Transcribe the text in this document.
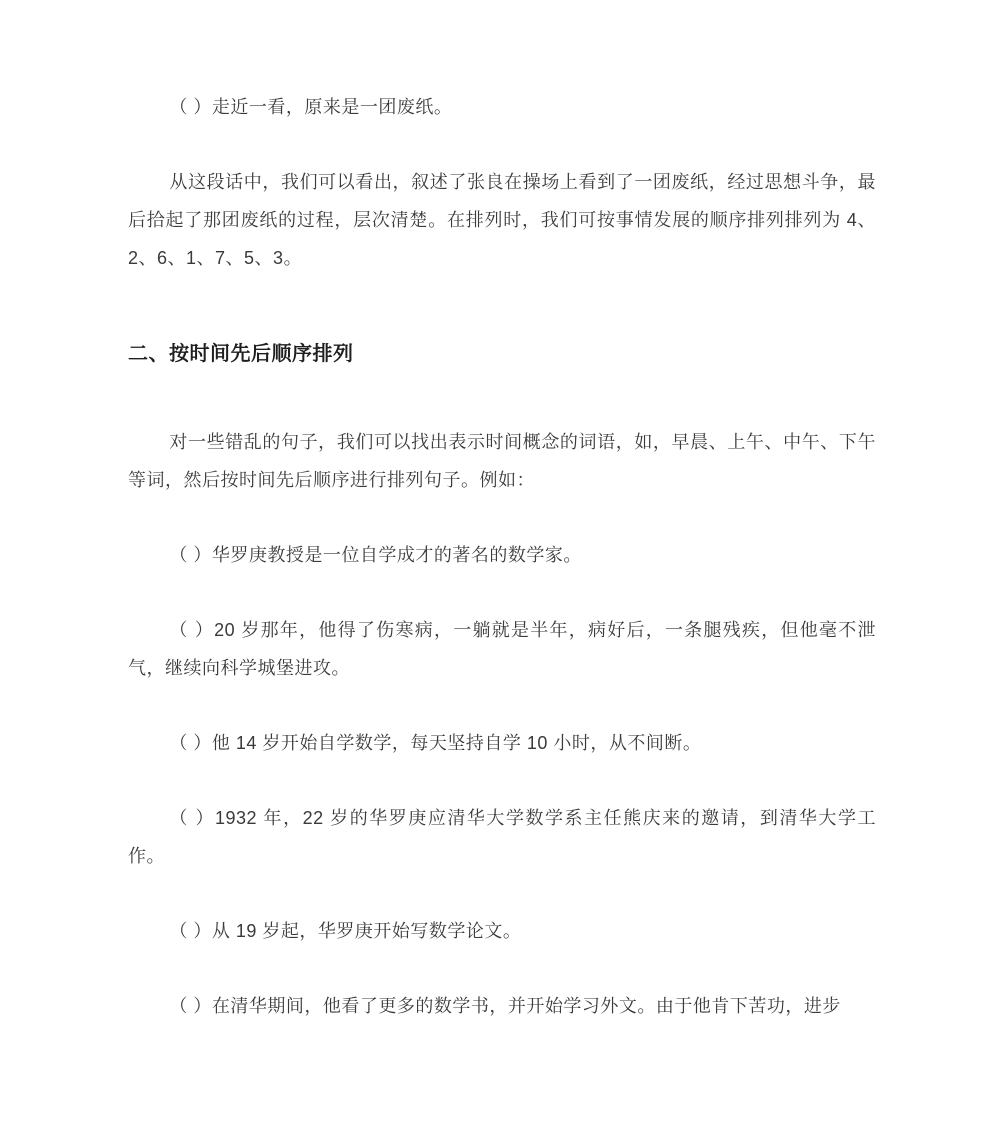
（ ）走近一看，原来是一团废纸。

从这段话中，我们可以看出，叙述了张良在操场上看到了一团废纸，经过思想斗争，最后拾起了那团废纸的过程，层次清楚。在排列时，我们可按事情发展的顺序排列排列为 4、2、6、1、7、5、3。

二、按时间先后顺序排列

对一些错乱的句子，我们可以找出表示时间概念的词语，如，早晨、上午、中午、下午等词，然后按时间先后顺序进行排列句子。例如：

（ ）华罗庚教授是一位自学成才的著名的数学家。

（ ）20 岁那年，他得了伤寒病，一躺就是半年，病好后，一条腿残疾，但他毫不泄气，继续向科学城堡进攻。

（ ）他 14 岁开始自学数学，每天坚持自学 10 小时，从不间断。

（ ）1932 年，22 岁的华罗庚应清华大学数学系主任熊庆来的邀请，到清华大学工作。

（ ）从 19 岁起，华罗庚开始写数学论文。

（ ）在清华期间，他看了更多的数学书，并开始学习外文。由于他肯下苦功，进步
